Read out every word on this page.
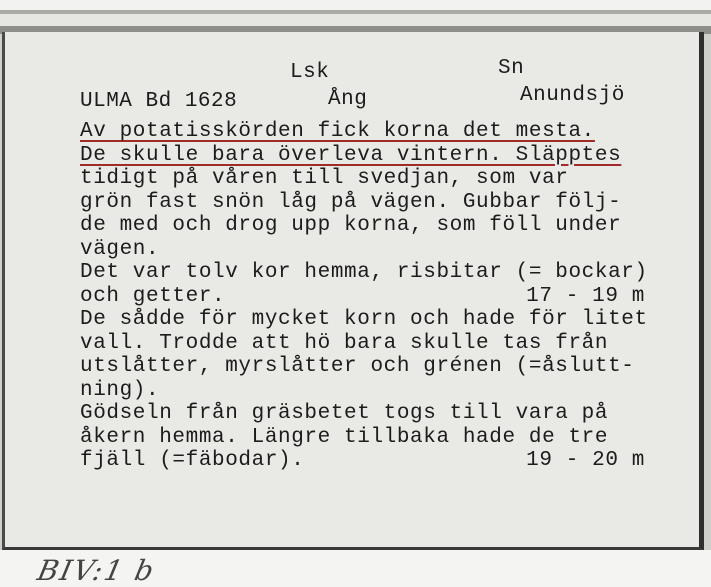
Lsk	Sn
ULMA Bd 1628	Ång	Anundsjö
Av potatisskörden fick korna det mesta.
De skulle bara överleva vintern. Släpptes
tidigt på våren till svedjan, som var
grön fast snön låg på vägen. Gubbar följ-
de med och drog upp korna, som föll under
vägen.
Det var tolv kor hemma, risbitar (= bockar)
och getter.	17 - 19 m
De sådde för mycket korn och hade för litet
vall. Trodde att hö bara skulle tas från
utslåtter, myrslåtter och grénen (=åslutt-
ning).
Gödseln från gräsbetet togs till vara på
åkern hemma. Längre tillbaka hade de tre
fjäll (=fäbodar).	19 - 20 m
BIV:1 b
